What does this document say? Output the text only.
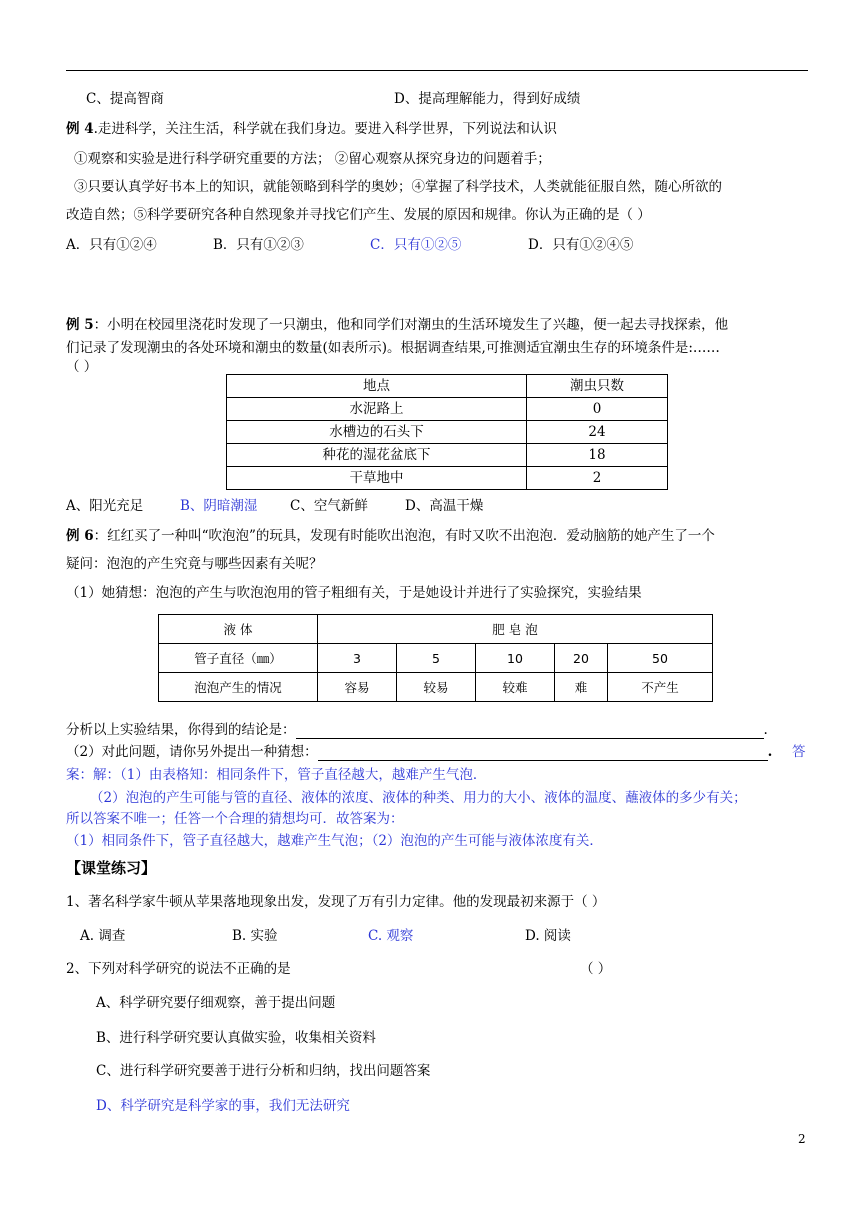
C、提高智商	D、提高理解能力，得到好成绩
例 4.走进科学，关注生活，科学就在我们身边。要进入科学世界，下列说法和认识
①观察和实验是进行科学研究重要的方法； ②留心观察从探究身边的问题着手；
③只要认真学好书本上的知识，就能领略到科学的奥妙；④掌握了科学技术，人类就能征服自然，随心所欲的
改造自然；⑤科学要研究各种自然现象并寻找它们产生、发展的原因和规律。你认为正确的是（ ）
A．只有①②④	B．只有①②③	C．只有①②⑤	D．只有①②④⑤
例 5：小明在校园里浇花时发现了一只潮虫，他和同学们对潮虫的生活环境发生了兴趣，便一起去寻找探索，他
们记录了发现潮虫的各处环境和潮虫的数量(如表所示)。根据调查结果,可推测适宜潮虫生存的环境条件是:……
（ ）
地点	潮虫只数
水泥路上	0
水槽边的石头下	24
种花的湿花盆底下	18
干草地中	2
A、阳光充足	B、阴暗潮湿 C、空气新鲜	D、高温干燥
例 6：红红买了一种叫“吹泡泡”的玩具，发现有时能吹出泡泡，有时又吹不出泡泡．爱动脑筋的她产生了一个
疑问：泡泡的产生究竟与哪些因素有关呢？
（1）她猜想：泡泡的产生与吹泡泡用的管子粗细有关，于是她设计并进行了实验探究，实验结果
液 体	肥 皂 泡				
管子直径（㎜）	3	5	10	20	50
泡泡产生的情况	容易	较易	较难	难	不产生
分析以上实验结果，你得到的结论是：	.
（2）对此问题，请你另外提出一种猜想：	. 答
案：解：（1）由表格知：相同条件下，管子直径越大，越难产生气泡．
（2）泡泡的产生可能与管的直径、液体的浓度、液体的种类、用力的大小、液体的温度、蘸液体的多少有关；
所以答案不唯一；任答一个合理的猜想均可．故答案为：
（1）相同条件下，管子直径越大，越难产生气泡；（2）泡泡的产生可能与液体浓度有关．
【课堂练习】
1、著名科学家牛顿从苹果落地现象出发，发现了万有引力定律。他的发现最初来源于（ ）
A. 调查	B. 实验	C. 观察	D. 阅读
2、下列对科学研究的说法不正确的是	（ ）
A、科学研究要仔细观察，善于提出问题
B、进行科学研究要认真做实验，收集相关资料
C、进行科学研究要善于进行分析和归纳，找出问题答案
D、科学研究是科学家的事，我们无法研究
2
